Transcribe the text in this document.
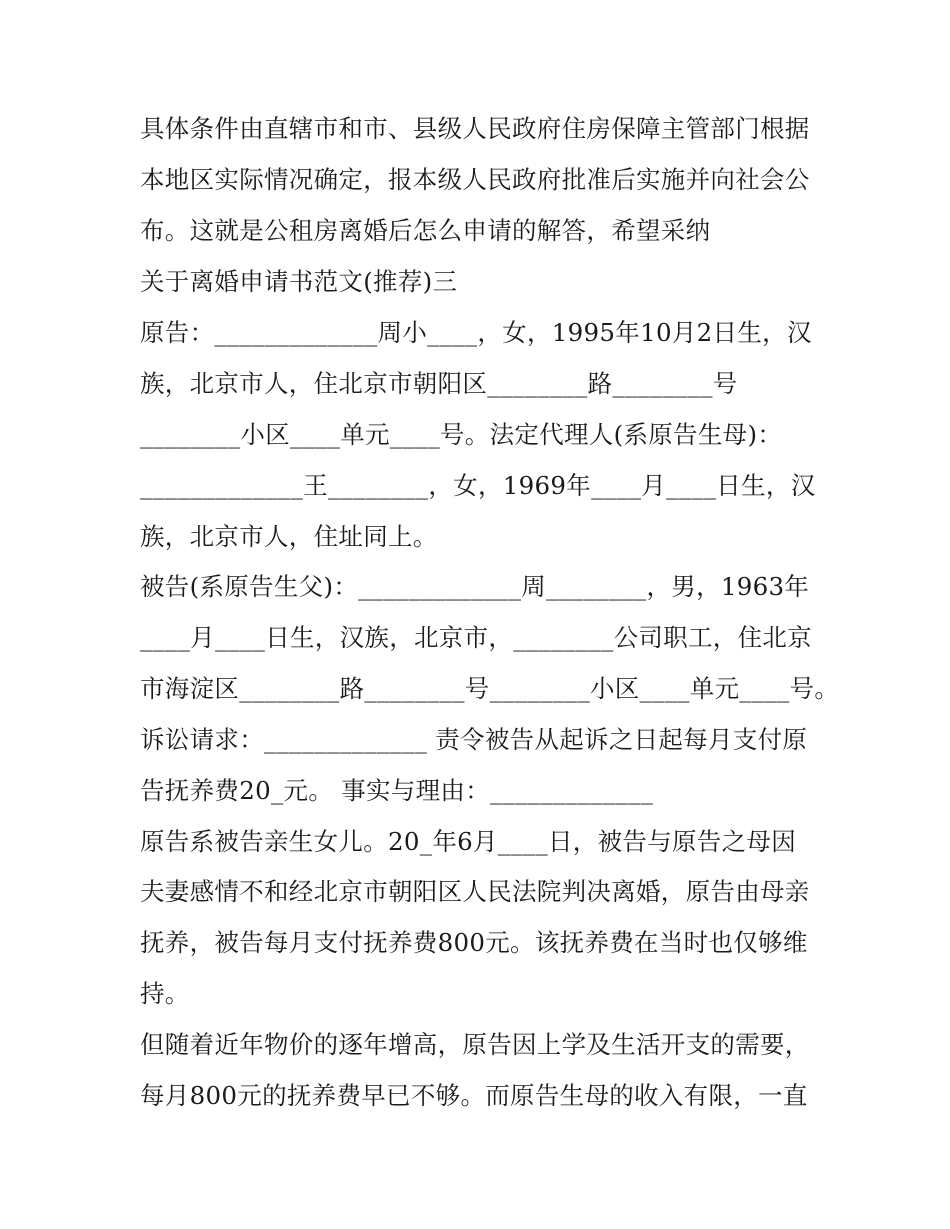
具体条件由直辖市和市、县级人民政府住房保障主管部门根据

本地区实际情况确定，报本级人民政府批准后实施并向社会公

布。这就是公租房离婚后怎么申请的解答，希望采纳

关于离婚申请书范文(推荐)三

原告：_____________周小____，女，1995年10月2日生，汉

族，北京市人，住北京市朝阳区________路________号

________小区____单元____号。法定代理人(系原告生母)：

_____________王________，女，1969年____月____日生，汉

族，北京市人，住址同上。

被告(系原告生父)：_____________周________，男，1963年

____月____日生，汉族，北京市，________公司职工，住北京

市海淀区________路________号________小区____单元____号。

诉讼请求：_____________ 责令被告从起诉之日起每月支付原

告抚养费20_元。 事实与理由：_____________

原告系被告亲生女儿。20_年6月____日，被告与原告之母因

夫妻感情不和经北京市朝阳区人民法院判决离婚，原告由母亲

抚养，被告每月支付抚养费800元。该抚养费在当时也仅够维

持。

但随着近年物价的逐年增高，原告因上学及生活开支的需要，

每月800元的抚养费早已不够。而原告生母的收入有限，一直
